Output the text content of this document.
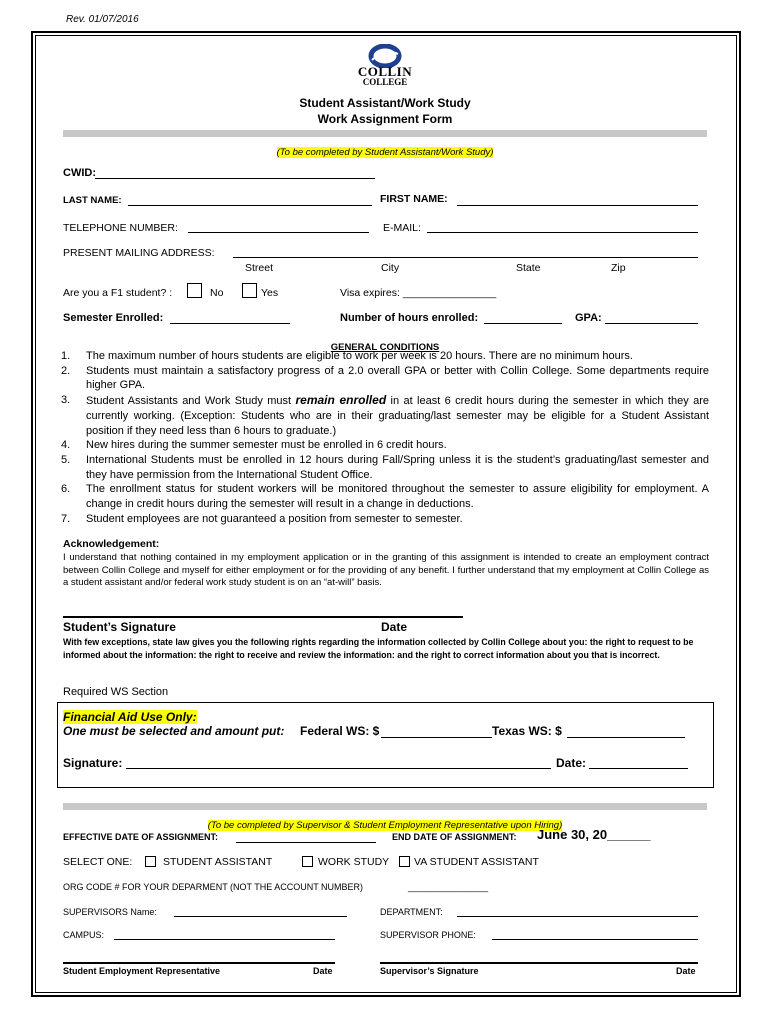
Rev. 01/07/2016
COLLIN
COLLEGE
Student Assistant/Work Study
Work Assignment Form
(To be completed by Student Assistant/Work Study)
CWID:
LAST NAME:	FIRST NAME:
TELEPHONE NUMBER:	E-MAIL:
PRESENT MAILING ADDRESS:
Street	City	State	Zip
Are you a F1 student? :	No	Yes	Visa expires: ________________
Semester Enrolled:	Number of hours enrolled:	GPA:
GENERAL CONDITIONS
1. The maximum number of hours students are eligible to work per week is 20 hours. There are no minimum hours.
2. Students must maintain a satisfactory progress of a 2.0 overall GPA or better with Collin College. Some departments require higher GPA.
3. Student Assistants and Work Study must remain enrolled in at least 6 credit hours during the semester in which they are currently working. (Exception: Students who are in their graduating/last semester may be eligible for a Student Assistant position if they need less than 6 hours to graduate.)
4. New hires during the summer semester must be enrolled in 6 credit hours.
5. International Students must be enrolled in 12 hours during Fall/Spring unless it is the student’s graduating/last semester and they have permission from the International Student Office.
6. The enrollment status for student workers will be monitored throughout the semester to assure eligibility for employment. A change in credit hours during the semester will result in a change in deductions.
7. Student employees are not guaranteed a position from semester to semester.
Acknowledgement:
I understand that nothing contained in my employment application or in the granting of this assignment is intended to create an employment contract between Collin College and myself for either employment or for the providing of any benefit. I further understand that my employment at Collin College as a student assistant and/or federal work study student is on an “at-will” basis.
Student’s Signature	Date
With few exceptions, state law gives you the following rights regarding the information collected by Collin College about you: the right to request to be informed about the information: the right to receive and review the information: and the right to correct information about you that is incorrect.
Required WS Section
Financial Aid Use Only:
One must be selected and amount put: Federal WS: $	Texas WS: $
Signature:	Date:
(To be completed by Supervisor & Student Employment Representative upon Hiring)
EFFECTIVE DATE OF ASSIGNMENT:	END DATE OF ASSIGNMENT: June 30, 20______
SELECT ONE:	STUDENT ASSISTANT	WORK STUDY VA STUDENT ASSISTANT
ORG CODE # FOR YOUR DEPARMENT (NOT THE ACCOUNT NUMBER)	________________
SUPERVISORS Name:	DEPARTMENT:
CAMPUS:	SUPERVISOR PHONE:
Student Employment Representative	Date	Supervisor’s Signature	Date
